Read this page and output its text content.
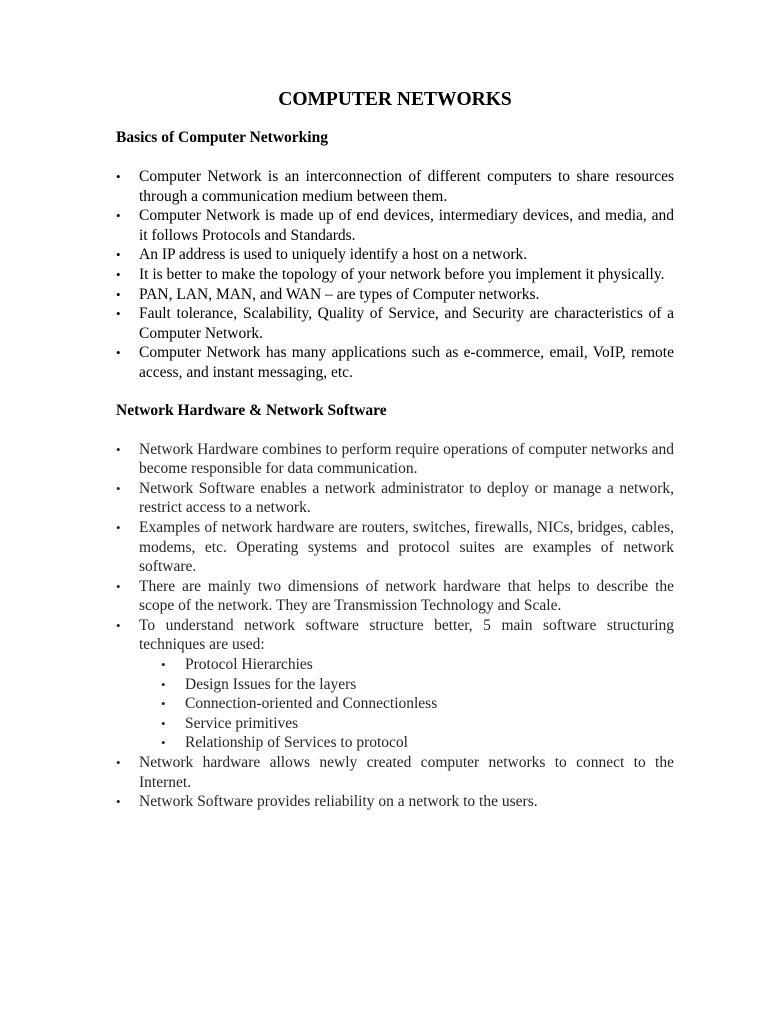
COMPUTER NETWORKS
Basics of Computer Networking
•	Computer Network is an interconnection of different computers to share resources through a communication medium between them.
•	Computer Network is made up of end devices, intermediary devices, and media, and it follows Protocols and Standards.
•	An IP address is used to uniquely identify a host on a network.
•	It is better to make the topology of your network before you implement it physically.
•	PAN, LAN, MAN, and WAN – are types of Computer networks.
•	Fault tolerance, Scalability, Quality of Service, and Security are characteristics of a Computer Network.
•	Computer Network has many applications such as e-commerce, email, VoIP, remote access, and instant messaging, etc.
Network Hardware & Network Software
•	Network Hardware combines to perform require operations of computer networks and become responsible for data communication.
•	Network Software enables a network administrator to deploy or manage a network, restrict access to a network.
•	Examples of network hardware are routers, switches, firewalls, NICs, bridges, cables, modems, etc. Operating systems and protocol suites are examples of network software.
•	There are mainly two dimensions of network hardware that helps to describe the scope of the network. They are Transmission Technology and Scale.
•	To understand network software structure better, 5 main software structuring techniques are used:
•	Protocol Hierarchies
•	Design Issues for the layers
•	Connection-oriented and Connectionless
•	Service primitives
•	Relationship of Services to protocol
•	Network hardware allows newly created computer networks to connect to the Internet.
•	Network Software provides reliability on a network to the users.
